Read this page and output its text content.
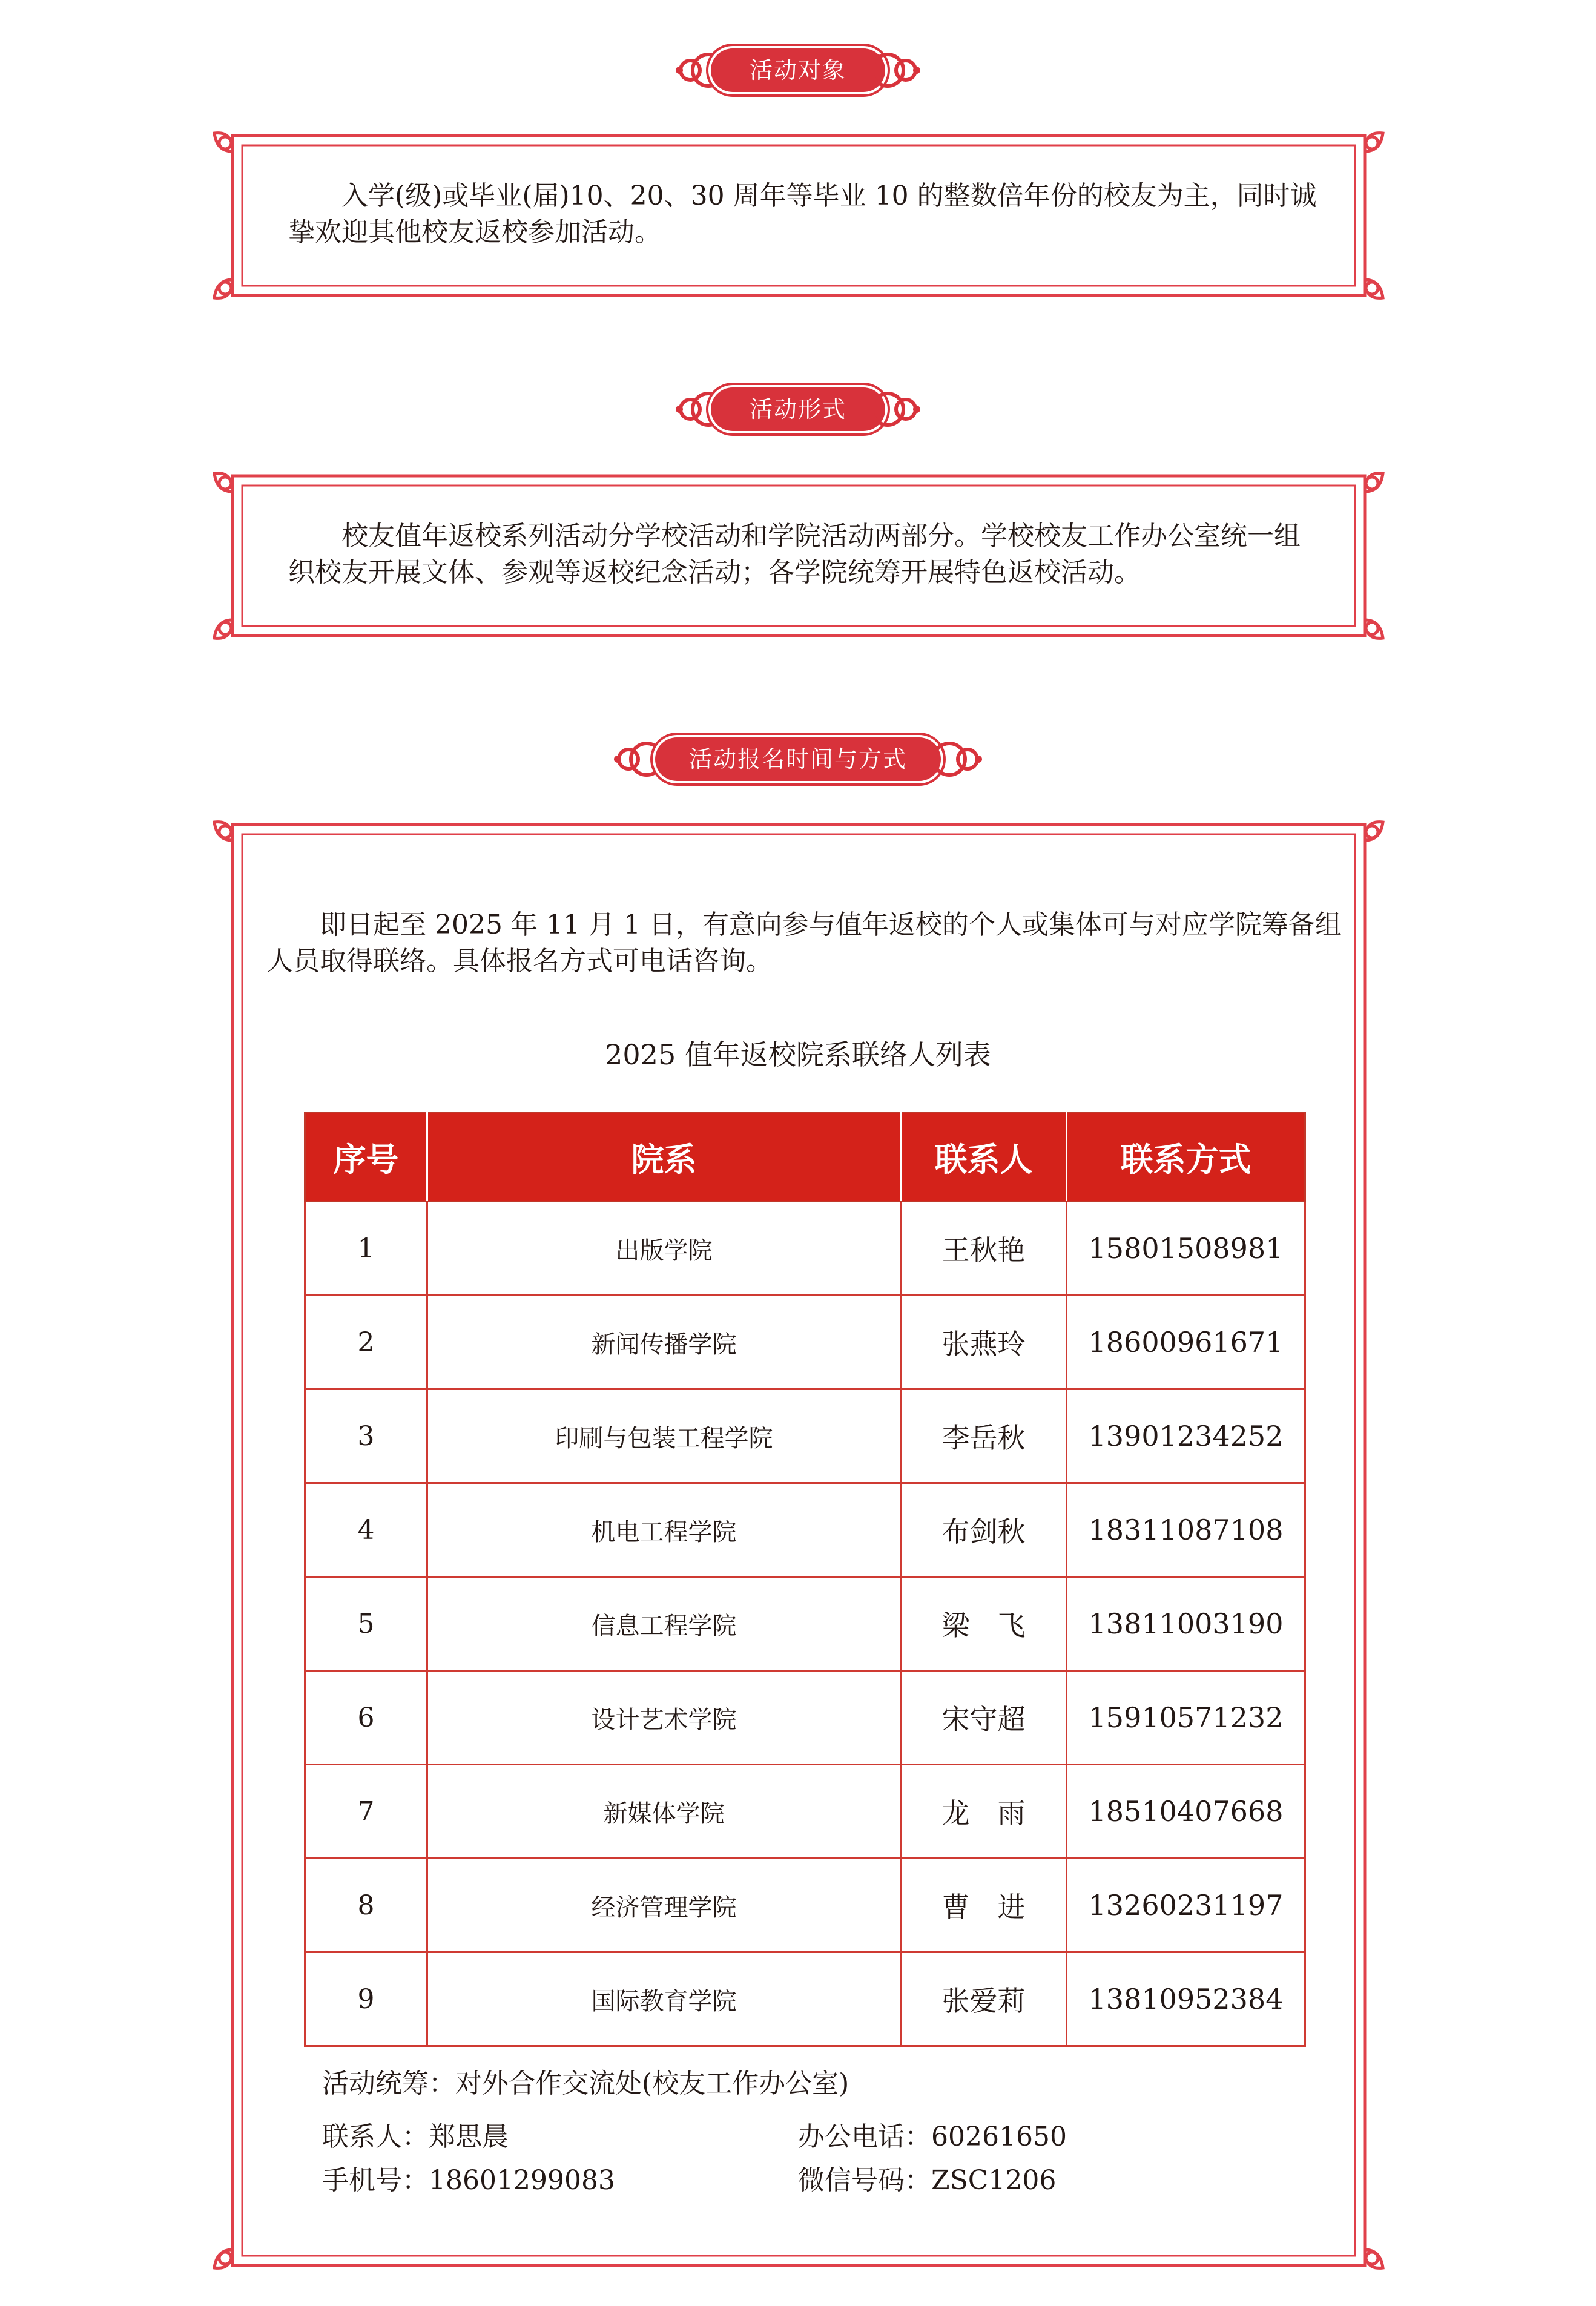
活动对象
入学(级)或毕业(届)10、20、30 周年等毕业 10 的整数倍年份的校友为主，同时诚挚欢迎其他校友返校参加活动。
活动形式
校友值年返校系列活动分学校活动和学院活动两部分。学校校友工作办公室统一组织校友开展文体、参观等返校纪念活动；各学院统筹开展特色返校活动。
活动报名时间与方式
即日起至 2025 年 11 月 1 日，有意向参与值年返校的个人或集体可与对应学院筹备组人员取得联络。具体报名方式可电话咨询。
2025 值年返校院系联络人列表
序号	院系	联系人	联系方式
1	出版学院	王秋艳	15801508981
2	新闻传播学院	张燕玲	18600961671
3	印刷与包装工程学院	李岳秋	13901234252
4	机电工程学院	布剑秋	18311087108
5	信息工程学院	梁　飞	13811003190
6	设计艺术学院	宋守超	15910571232
7	新媒体学院	龙　雨	18510407668
8	经济管理学院	曹　进	13260231197
9	国际教育学院	张爱莉	13810952384
活动统筹：对外合作交流处(校友工作办公室)
联系人：郑思晨	办公电话：60261650
手机号：18601299083	微信号码：ZSC1206
